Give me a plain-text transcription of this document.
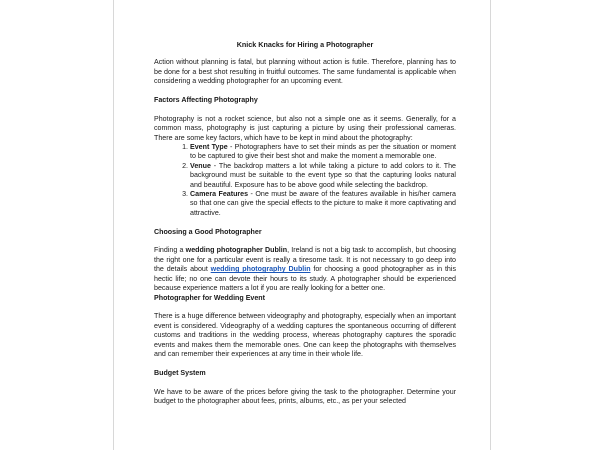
Knick Knacks for Hiring a Photographer

Action without planning is fatal, but planning without action is futile. Therefore, planning has to be done for a best shot resulting in fruitful outcomes. The same fundamental is applicable when considering a wedding photographer for an upcoming event.

Factors Affecting Photography

Photography is not a rocket science, but also not a simple one as it seems. Generally, for a common mass, photography is just capturing a picture by using their professional cameras. There are some key factors, which have to be kept in mind about the photography:

1. Event Type - Photographers have to set their minds as per the situation or moment to be captured to give their best shot and make the moment a memorable one.
2. Venue - The backdrop matters a lot while taking a picture to add colors to it. The background must be suitable to the event type so that the capturing looks natural and beautiful. Exposure has to be above good while selecting the backdrop.
3. Camera Features - One must be aware of the features available in his/her camera so that one can give the special effects to the picture to make it more captivating and attractive.
Choosing a Good Photographer

Finding a wedding photographer Dublin, Ireland is not a big task to accomplish, but choosing the right one for a particular event is really a tiresome task. It is not necessary to go deep into the details about wedding photography Dublin for choosing a good photographer as in this hectic life; no one can devote their hours to its study. A photographer should be experienced because experience matters a lot if you are really looking for a better one.

Photographer for Wedding Event

There is a huge difference between videography and photography, especially when an important event is considered. Videography of a wedding captures the spontaneous occurring of different customs and traditions in the wedding process, whereas photography captures the sporadic events and makes them the memorable ones. One can keep the photographs with themselves and can remember their experiences at any time in their whole life.

Budget System

We have to be aware of the prices before giving the task to the photographer. Determine your budget to the photographer about fees, prints, albums, etc., as per your selected
